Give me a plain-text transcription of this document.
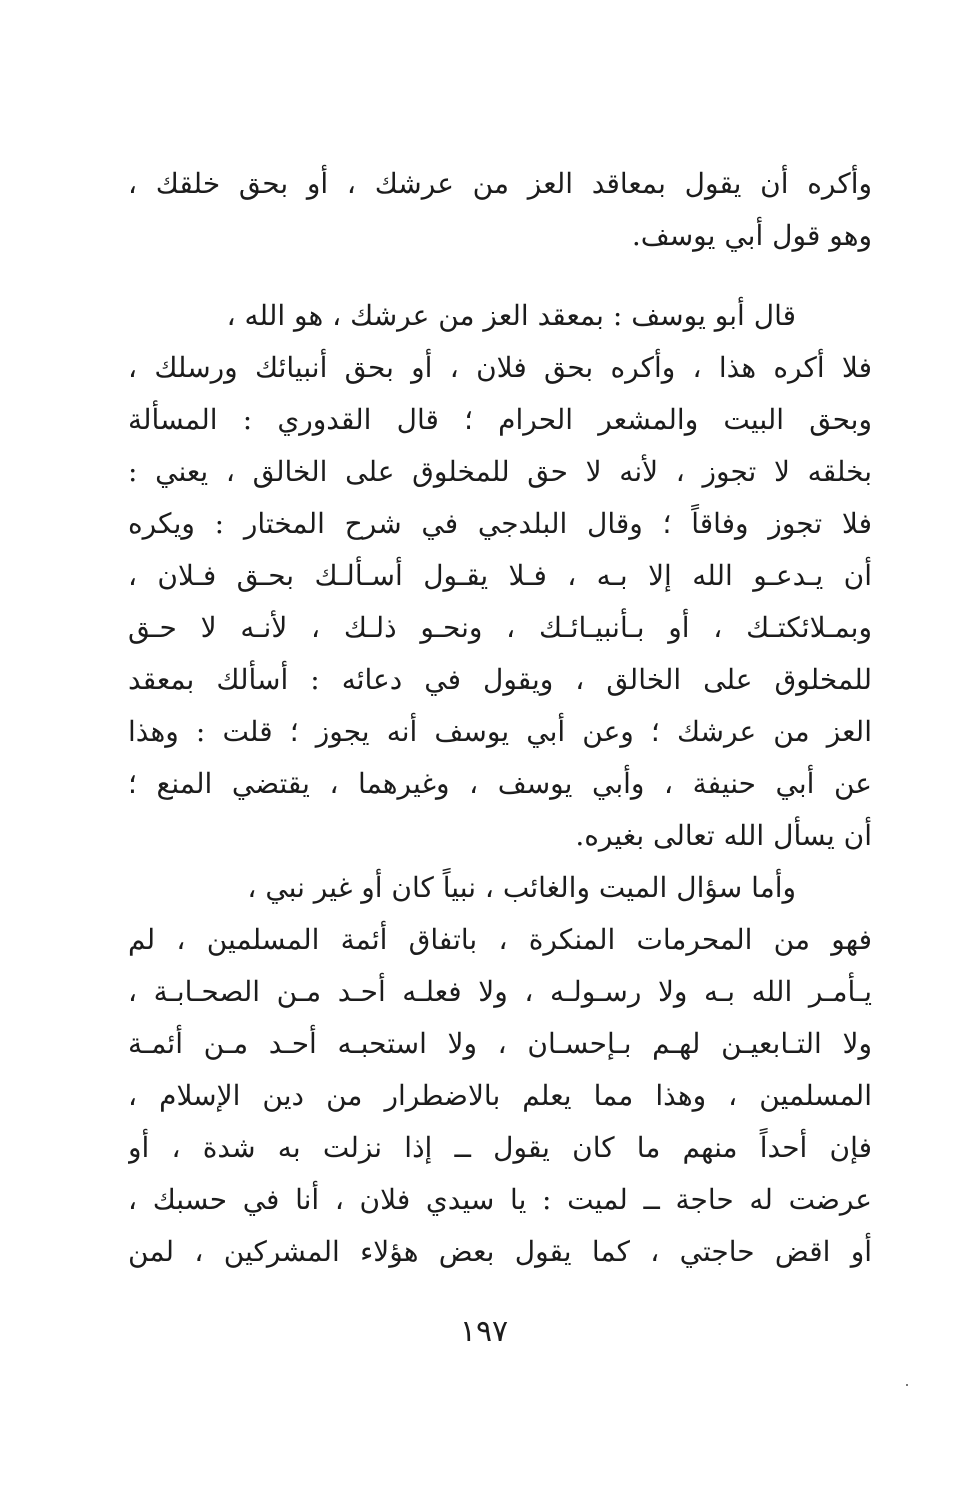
وأكره أن يقول بمعاقد العز من عرشك ، أو بحق خلقك ،
وهو قول أبي يوسف.
قال أبو يوسف : بمعقد العز من عرشك ، هو الله ،
فلا أكره هذا ، وأكره بحق فلان ، أو بحق أنبيائك ورسلك ،
وبحق البيت والمشعر الحرام ؛ قال القدوري : المسألة
بخلقه لا تجوز ، لأنه لا حق للمخلوق على الخالق ، يعني :
فلا تجوز وفاقاً ؛ وقال البلدجي في شرح المختار : ويكره
أن يـدعـو الله إلا بـه ، فـلا يقـول أسـألـك بحـق فـلان ،
وبمـلائكتـك ، أو بـأنبيـائـك ، ونحـو ذلـك ، لأنـه لا حـق
للمخلوق على الخالق ، ويقول في دعائه : أسألك بمعقد
العز من عرشك ؛ وعن أبي يوسف أنه يجوز ؛ قلت : وهذا
عن أبي حنيفة ، وأبي يوسف ، وغيرهما ، يقتضي المنع ؛
أن يسأل الله تعالى بغيره.
وأما سؤال الميت والغائب ، نبياً كان أو غير نبي ،
فهو من المحرمات المنكرة ، باتفاق أئمة المسلمين ، لم
يـأمـر الله بـه ولا رسـولـه ، ولا فعلـه أحـد مـن الصحـابـة ،
ولا التـابعيـن لهـم بـإحسـان ، ولا استحبـه أحـد مـن أئمـة
المسلمين ، وهذا مما يعلم بالاضطرار من دين الإسلام ،
فإن أحداً منهم ما كان يقول ــ إذا نزلت به شدة ، أو
عرضت له حاجة ــ لميت : يا سيدي فلان ، أنا في حسبك ،
أو اقض حاجتي ، كما يقول بعض هؤلاء المشركين ، لمن
١٩٧
